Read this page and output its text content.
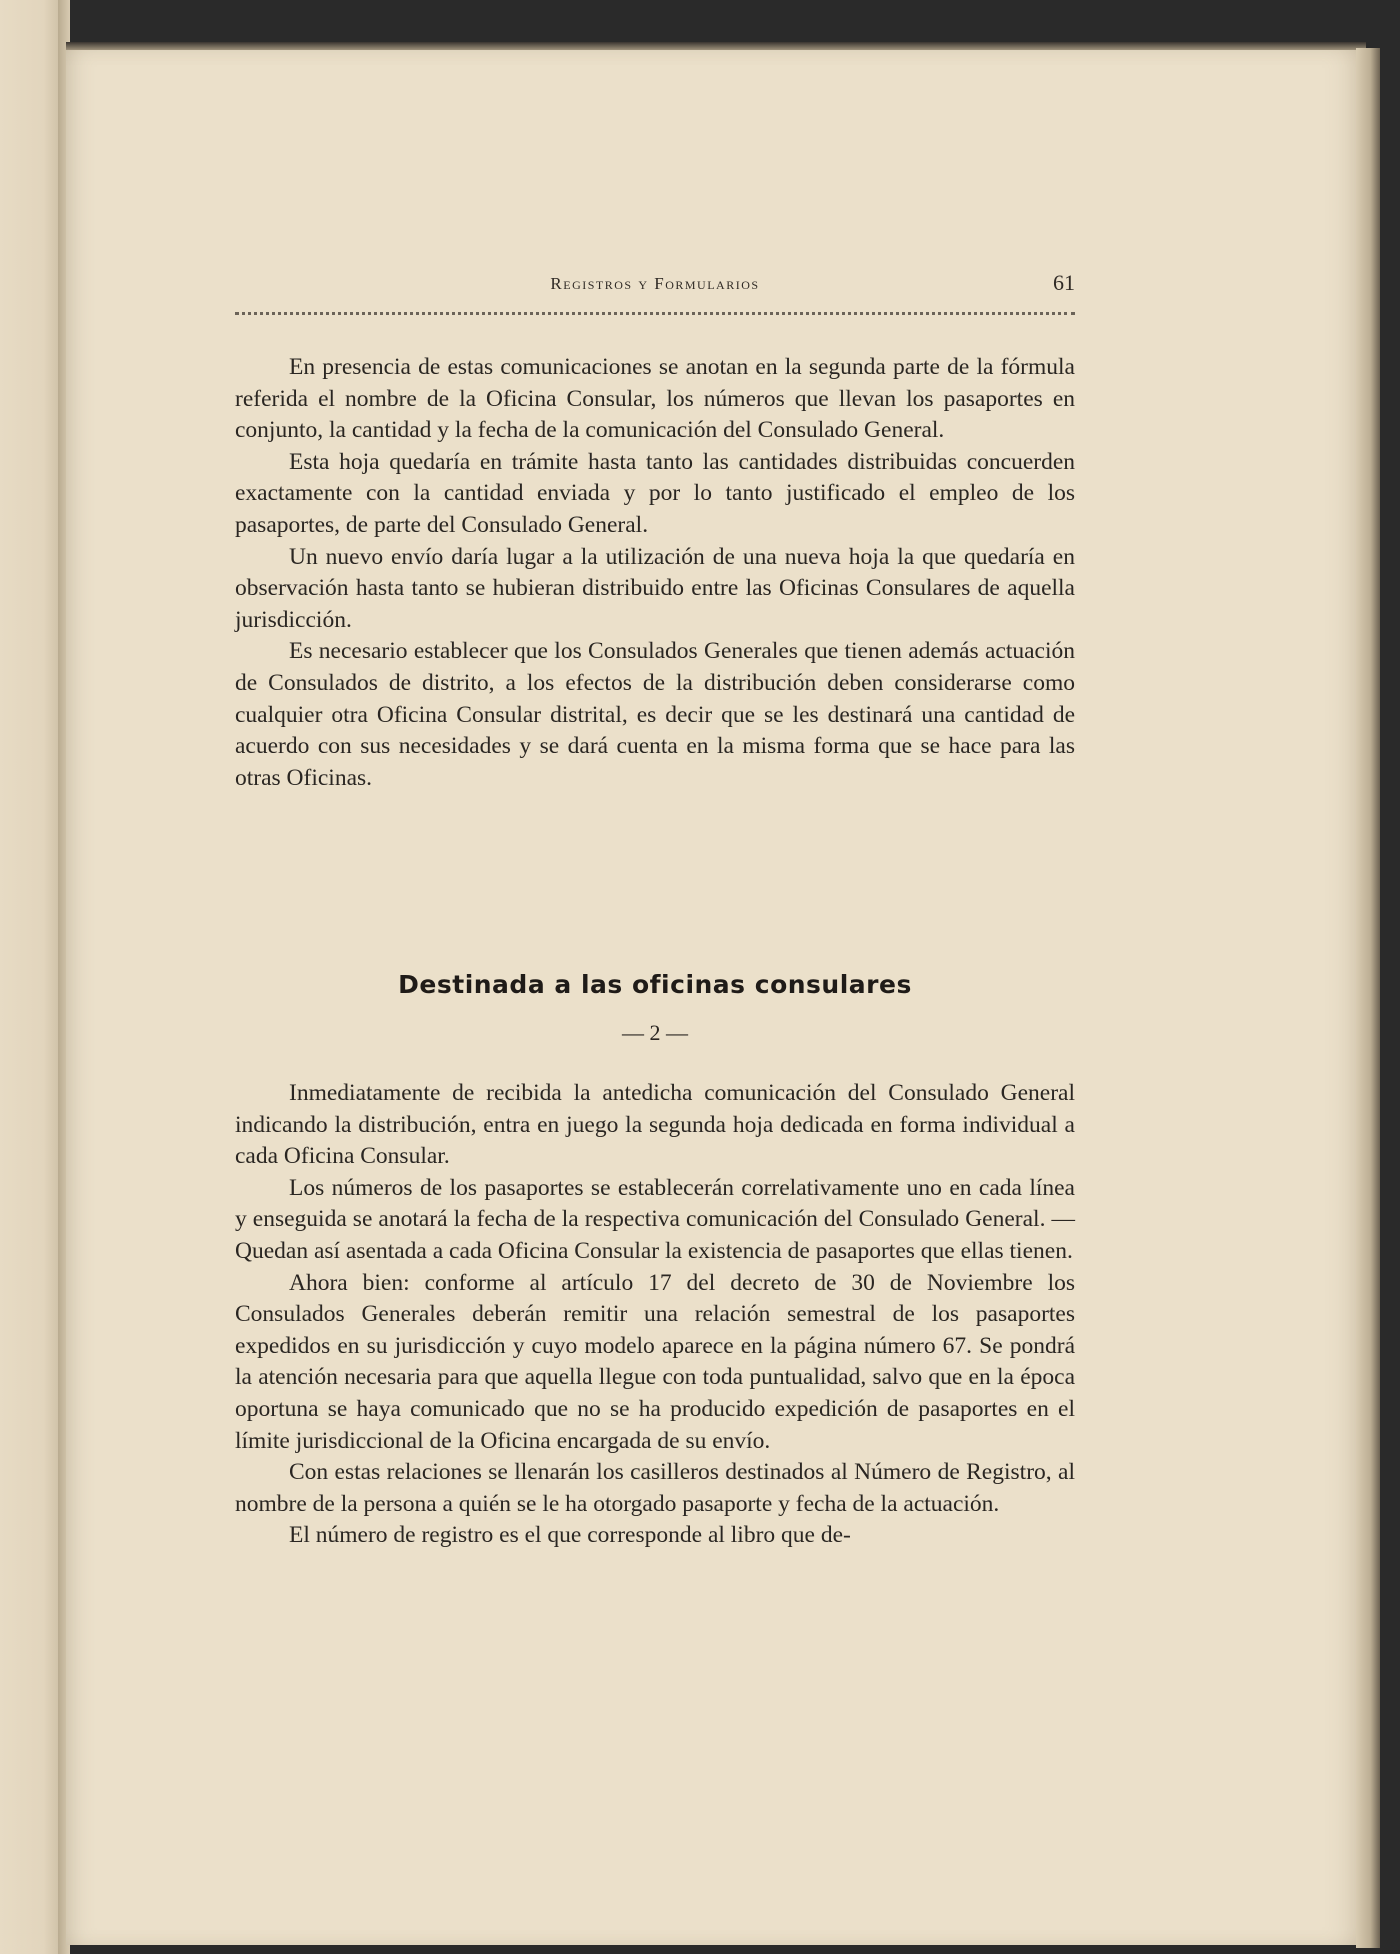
Registros y Formularios	61

En presencia de estas comunicaciones se anotan en la segunda parte de la fórmula referida el nombre de la Oficina Consular, los números que llevan los pasaportes en conjunto, la cantidad y la fecha de la comunicación del Consulado General.

Esta hoja quedaría en trámite hasta tanto las cantidades distribuidas concuerden exactamente con la cantidad enviada y por lo tanto justificado el empleo de los pasaportes, de parte del Consulado General.

Un nuevo envío daría lugar a la utilización de una nueva hoja la que quedaría en observación hasta tanto se hubieran distribuido entre las Oficinas Consulares de aquella jurisdicción.

Es necesario establecer que los Consulados Generales que tienen además actuación de Consulados de distrito, a los efectos de la distribución deben considerarse como cualquier otra Oficina Consular distrital, es decir que se les destinará una cantidad de acuerdo con sus necesidades y se dará cuenta en la misma forma que se hace para las otras Oficinas.

Destinada a las oficinas consulares
— 2 —

Inmediatamente de recibida la antedicha comunicación del Consulado General indicando la distribución, entra en juego la segunda hoja dedicada en forma individual a cada Oficina Consular.

Los números de los pasaportes se establecerán correlativamente uno en cada línea y enseguida se anotará la fecha de la respectiva comunicación del Consulado General. — Quedan así asentada a cada Oficina Consular la existencia de pasaportes que ellas tienen.

Ahora bien: conforme al artículo 17 del decreto de 30 de Noviembre los Consulados Generales deberán remitir una relación semestral de los pasaportes expedidos en su jurisdicción y cuyo modelo aparece en la página número 67. Se pondrá la atención necesaria para que aquella llegue con toda puntualidad, salvo que en la época oportuna se haya comunicado que no se ha producido expedición de pasaportes en el límite jurisdiccional de la Oficina encargada de su envío.

Con estas relaciones se llenarán los casilleros destinados al Número de Registro, al nombre de la persona a quién se le ha otorgado pasaporte y fecha de la actuación.

El número de registro es el que corresponde al libro que de-
